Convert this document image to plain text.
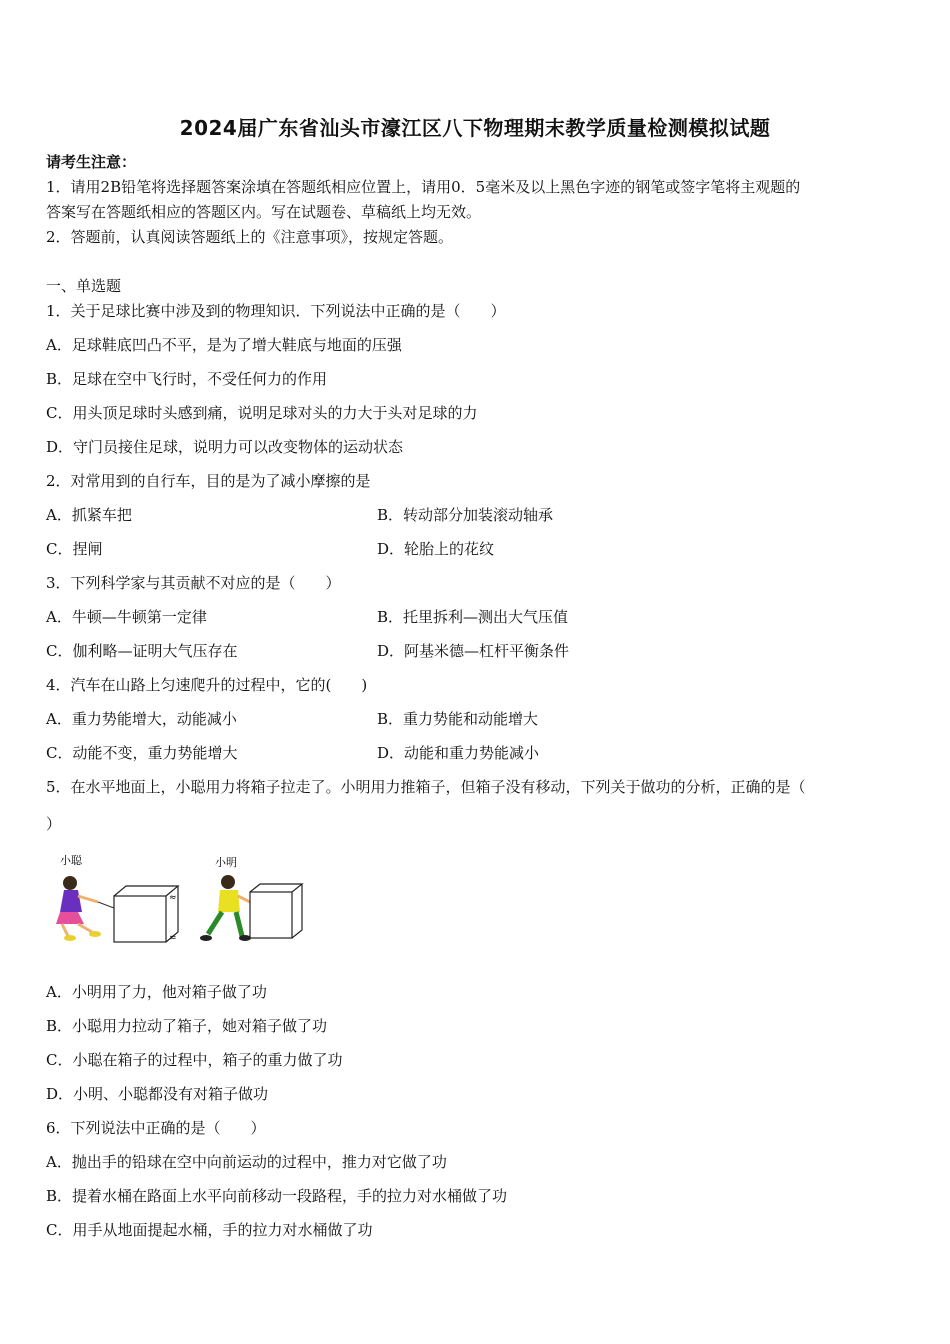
2024届广东省汕头市濠江区八下物理期末教学质量检测模拟试题
请考生注意：
1．请用2B铅笔将选择题答案涂填在答题纸相应位置上，请用0．5毫米及以上黑色字迹的钢笔或签字笔将主观题的
答案写在答题纸相应的答题区内。写在试题卷、草稿纸上均无效。
2．答题前，认真阅读答题纸上的《注意事项》，按规定答题。
一、单选题
1．关于足球比赛中涉及到的物理知识．下列说法中正确的是（　　）
A．足球鞋底凹凸不平，是为了增大鞋底与地面的压强
B．足球在空中飞行时，不受任何力的作用
C．用头顶足球时头感到痛，说明足球对头的力大于头对足球的力
D．守门员接住足球，说明力可以改变物体的运动状态
2．对常用到的自行车，目的是为了减小摩擦的是
A．抓紧车把	B．转动部分加装滚动轴承
C．捏闸	D．轮胎上的花纹
3．下列科学家与其贡献不对应的是（　　）
A．牛顿—牛顿第一定律	B．托里拆利—测出大气压值
C．伽利略—证明大气压存在	D．阿基米德—杠杆平衡条件
4．汽车在山路上匀速爬升的过程中，它的(　　)
A．重力势能增大，动能减小	B．重力势能和动能增大
C．动能不变，重力势能增大	D．动能和重力势能减小
5．在水平地面上，小聪用力将箱子拉走了。小明用力推箱子，但箱子没有移动，下列关于做功的分析，正确的是（
）
小聪
≈
=
小明
A．小明用了力，他对箱子做了功
B．小聪用力拉动了箱子，她对箱子做了功
C．小聪在箱子的过程中，箱子的重力做了功
D．小明、小聪都没有对箱子做功
6．下列说法中正确的是（　　）
A．抛出手的铅球在空中向前运动的过程中，推力对它做了功
B．提着水桶在路面上水平向前移动一段路程，手的拉力对水桶做了功
C．用手从地面提起水桶，手的拉力对水桶做了功
